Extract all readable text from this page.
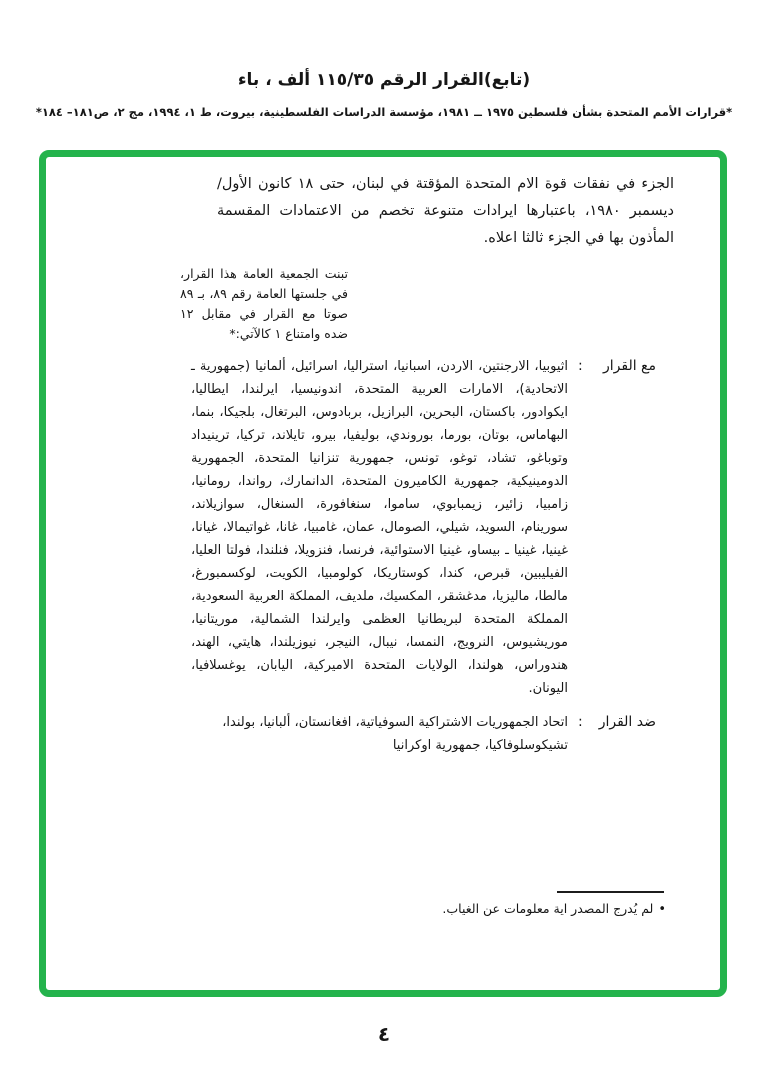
(تابع)القرار الرقم ١١٥/٣٥ ألف ، باء
*قرارات الأمم المتحدة بشأن فلسطين ١٩٧٥ ــ ١٩٨١، مؤسسة الدراسات الفلسطينية، بيروت، ط ١، ١٩٩٤، مج ٢، ص١٨١– ١٨٤*
الجزء في نفقات قوة الام المتحدة المؤقتة في لبنان، حتى ١٨ كانون الأول/ديسمبر ١٩٨٠، باعتبارها ايرادات متنوعة تخصم من الاعتمادات المقسمة المأذون بها في الجزء ثالثا اعلاه.
تبنت الجمعية العامة هذا القرار، في جلستها العامة رقم ٨٩، بـ ٨٩ صوتا مع القرار في مقابل ١٢ ضده وامتناع ١ كالآتي:*
مع القرار
:
اثيوبيا، الارجنتين، الاردن، اسبانيا، استراليا، اسرائيل، ألمانيا (جمهورية ـ الاتحادية)، الامارات العربية المتحدة، اندونيسيا، ايرلندا، ايطاليا، ايكوادور، باكستان، البحرين، البرازيل، بربادوس، البرتغال، بلجيكا، بنما، البهاماس، بوتان، بورما، بوروندي، بوليفيا، بيرو، تايلاند، تركيا، ترينيداد وتوباغو، تشاد، توغو، تونس، جمهورية تنزانيا المتحدة، الجمهورية الدومينيكية، جمهورية الكاميرون المتحدة، الدانمارك، رواندا، رومانيا، زامبيا، زائير، زيمبابوي، ساموا، سنغافورة، السنغال، سوازيلاند، سورينام، السويد، شيلي، الصومال، عمان، غامبيا، غانا، غواتيمالا، غيانا، غينيا، غينيا ـ بيساو، غينيا الاستوائية، فرنسا، فنزويلا، فنلندا، فولتا العليا، الفيليبين، قبرص، كندا، كوستاريكا، كولومبيا، الكويت، لوكسمبورغ، مالطا، ماليزيا، مدغشقر، المكسيك، ملديف، المملكة العربية السعودية، المملكة المتحدة لبريطانيا العظمى وايرلندا الشمالية، موريتانيا، موريشيوس، النرويج، النمسا، نيبال، النيجر، نيوزيلندا، هايتي، الهند، هندوراس، هولندا، الولايات المتحدة الاميركية، اليابان، يوغسلافيا، اليونان.
ضد القرار
:
اتحاد الجمهوريات الاشتراكية السوفياتية، افغانستان، ألبانيا، بولندا، تشيكوسلوفاكيا، جمهورية اوكرانيا
•لم يُدرج المصدر اية معلومات عن الغياب.
٤
